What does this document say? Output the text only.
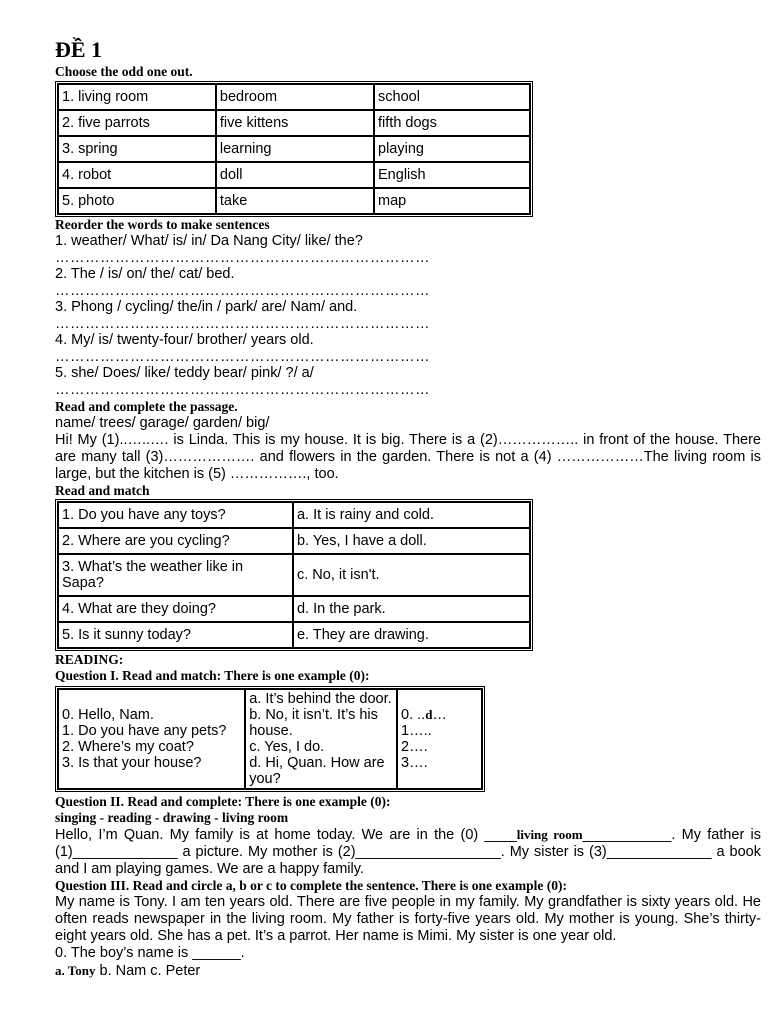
ĐỀ 1
Choose the odd one out.
1. living room	bedroom	school
2. five parrots	five kittens	fifth dogs
3. spring	learning	playing
4. robot	doll	English
5. photo	take	map
Reorder the words to make sentences
1. weather/ What/ is/ in/ Da Nang City/ like/ the?
…………………………………………………………………
2. The / is/ on/ the/ cat/ bed.
…………………………………………………………………
3. Phong / cycling/ the/in / park/ are/ Nam/ and.
…………………………………………………………………
4. My/ is/ twenty-four/ brother/ years old.
…………………………………………………………………
5. she/ Does/ like/ teddy bear/ pink/ ?/ a/
…………………………………………………………………
Read and complete the passage.
name/ trees/ garage/ garden/ big/
Hi! My (1)..…..…. is Linda. This is my house. It is big. There is a (2)…………….. in front of the house. There are many tall (3)………………. and flowers in the garden. There is not a (4) ………………The living room is large, but the kitchen is (5) ……………., too.
Read and match
1. Do you have any toys?	a. It is rainy and cold.
2. Where are you cycling?	b. Yes, I have a doll.
3. What’s the weather like in Sapa?	c. No, it isn't.
4. What are they doing?	d. In the park.
5. Is it sunny today?	e. They are drawing.
READING:
Question I. Read and match: There is one example (0):
0. Hello, Nam.
1. Do you have any pets?
2. Where’s my coat?
3. Is that your house?

a. It’s behind the door.
b. No, it isn’t. It’s his house.
c. Yes, I do.
d. Hi, Quan. How are you?

0. ..d…
1…..
2….
3….
Question II. Read and complete: There is one example (0):
singing - reading - drawing - living room
Hello, I’m Quan. My family is at home today. We are in the (0) ____living room___________. My father is (1)_____________ a picture. My mother is (2)__________________. My sister is (3)_____________ a book and I am playing games. We are a happy family.
Question III. Read and circle a, b or c to complete the sentence. There is one example (0):
My name is Tony. I am ten years old. There are five people in my family. My grandfather is sixty years old. He often reads newspaper in the living room. My father is forty-five years old. My mother is young. She’s thirty-eight years old. She has a pet. It’s a parrot. Her name is Mimi. My sister is one year old.
0. The boy’s name is ______.
a. Tony b. Nam c. Peter
